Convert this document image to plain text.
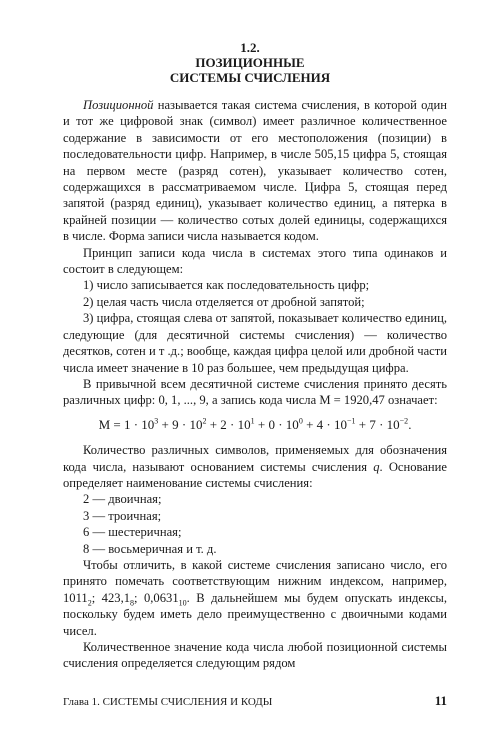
1.2.
ПОЗИЦИОННЫЕ
СИСТЕМЫ СЧИСЛЕНИЯ

Позиционной называется такая система счисления, в которой один и тот же цифровой знак (символ) имеет различное количественное содержание в зависимости от его местоположения (позиции) в последовательности цифр. Например, в числе 505,15 цифра 5, стоящая на первом месте (разряд сотен), указывает количество сотен, содержащихся в рассматриваемом числе. Цифра 5, стоящая перед запятой (разряд единиц), указывает количество единиц, а пятерка в крайней позиции — количество сотых долей единицы, содержащихся в числе. Форма записи числа называется кодом.

Принцип записи кода числа в системах этого типа одинаков и состоит в следующем:

1) число записывается как последовательность цифр;

2) целая часть числа отделяется от дробной запятой;

3) цифра, стоящая слева от запятой, показывает количество единиц, следующие (для десятичной системы счисления) — количество десятков, сотен и т .д.; вообще, каждая цифра целой или дробной части числа имеет значение в 10 раз большее, чем предыдущая цифра.

В привычной всем десятичной системе счисления принято десять различных цифр: 0, 1, ..., 9, а запись кода числа M = 1920,47 означает:

$M = 1 \cdot 10^3 + 9 \cdot 10^2 + 2 \cdot 10^1 + 0 \cdot 10^0 + 4 \cdot 10^{-1} + 7 \cdot 10^{-2}$.

Количество различных символов, применяемых для обозначения кода числа, называют основанием системы счисления q. Основание определяет наименование системы счисления:

2 — двоичная;

3 — троичная;

6 — шестеричная;

8 — восьмеричная и т. д.

Чтобы отличить, в какой системе счисления записано число, его принято помечать соответствующим нижним индексом, например, $1011_2$; $423,1_8$; $0,0631_{10}$. В дальнейшем мы будем опускать индексы, поскольку будем иметь дело преимущественно с двоичными кодами чисел.

Количественное значение кода числа любой позиционной системы счисления определяется следующим рядом

Глава 1. СИСТЕМЫ СЧИСЛЕНИЯ И КОДЫ	11
